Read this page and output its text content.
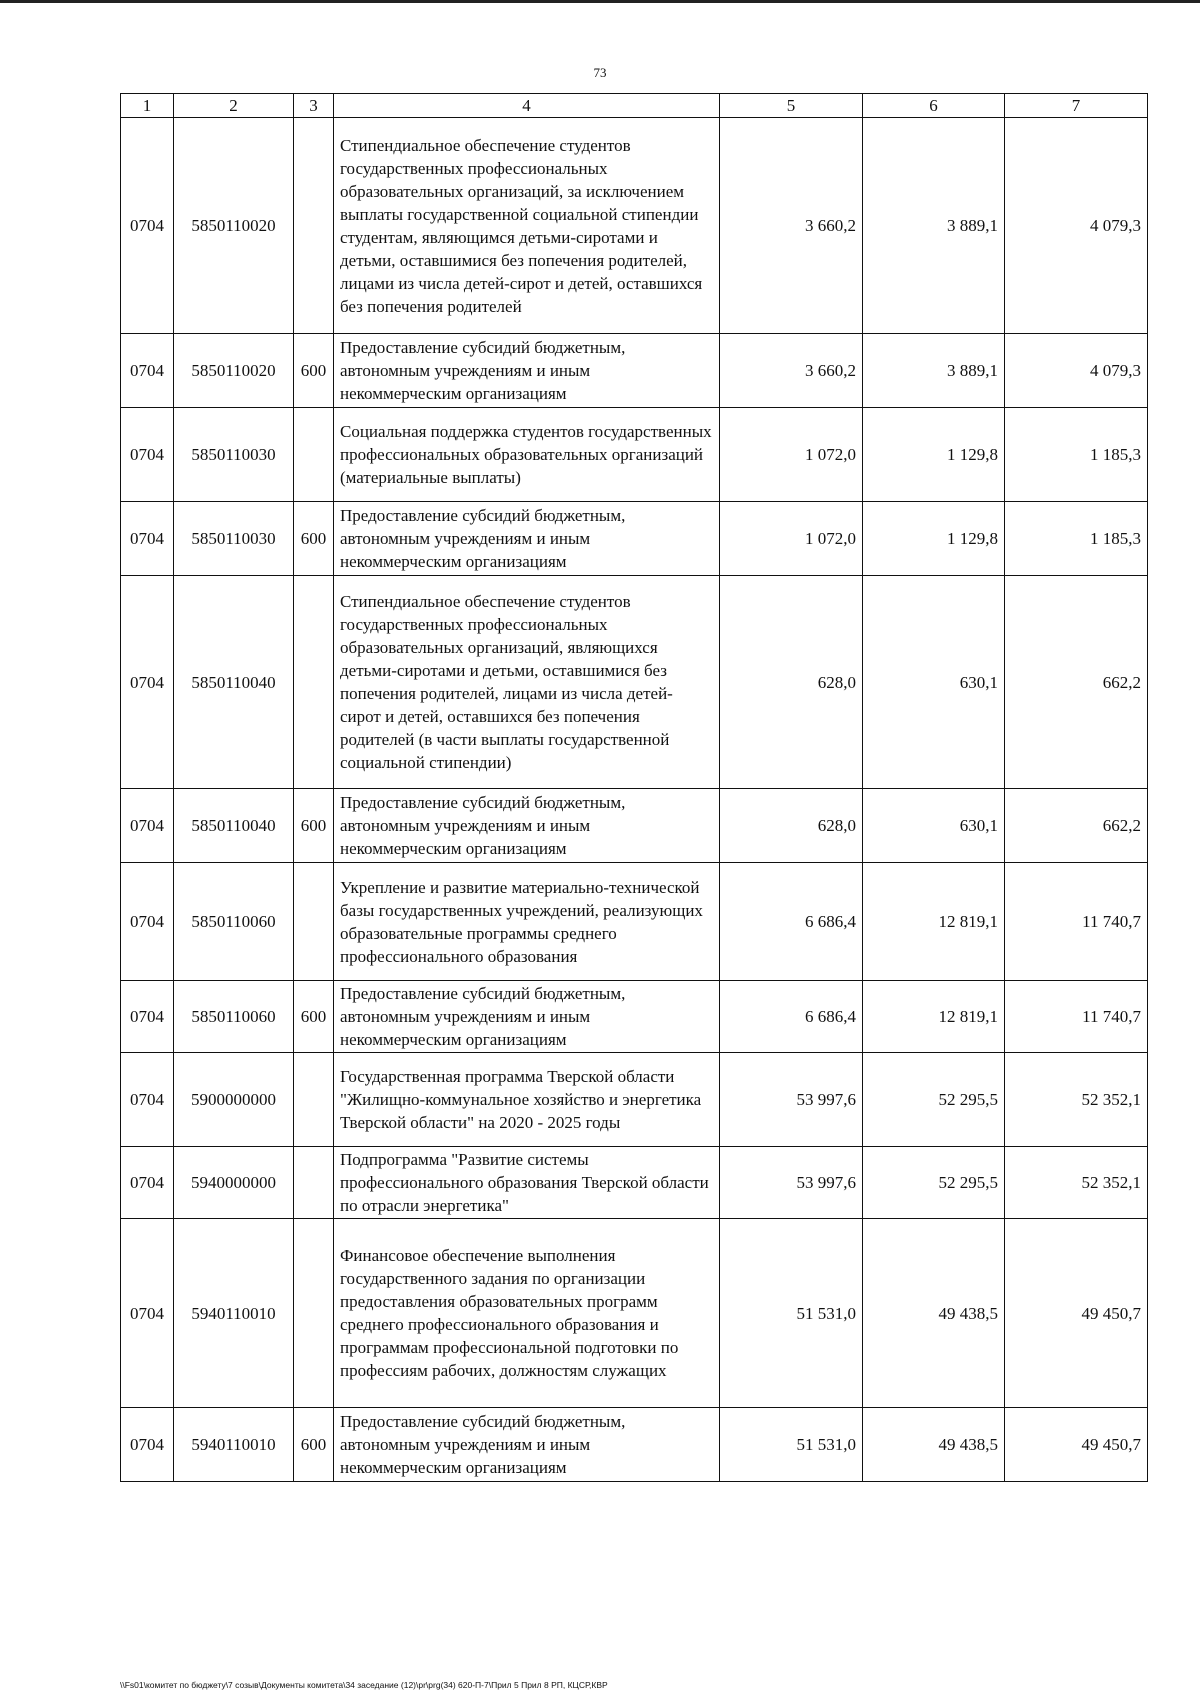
73
1	2	3	4	5	6	7
0704	5850110020		Стипендиальное обеспечение студентов государственных профессиональных образовательных организаций, за исключением выплаты государственной социальной стипендии студентам, являющимся детьми-сиротами и детьми, оставшимися без попечения родителей, лицами из числа детей-сирот и детей, оставшихся без попечения родителей	3 660,2	3 889,1	4 079,3
0704	5850110020	600	Предоставление субсидий бюджетным, автономным учреждениям и иным некоммерческим организациям	3 660,2	3 889,1	4 079,3
0704	5850110030		Социальная поддержка студентов государственных профессиональных образовательных организаций (материальные выплаты)	1 072,0	1 129,8	1 185,3
0704	5850110030	600	Предоставление субсидий бюджетным, автономным учреждениям и иным некоммерческим организациям	1 072,0	1 129,8	1 185,3
0704	5850110040		Стипендиальное обеспечение студентов государственных профессиональных образовательных организаций, являющихся детьми-сиротами и детьми, оставшимися без попечения родителей, лицами из числа детей-сирот и детей, оставшихся без попечения родителей (в части выплаты государственной социальной стипендии)	628,0	630,1	662,2
0704	5850110040	600	Предоставление субсидий бюджетным, автономным учреждениям и иным некоммерческим организациям	628,0	630,1	662,2
0704	5850110060		Укрепление и развитие материально-технической базы государственных учреждений, реализующих образовательные программы среднего профессионального образования	6 686,4	12 819,1	11 740,7
0704	5850110060	600	Предоставление субсидий бюджетным, автономным учреждениям и иным некоммерческим организациям	6 686,4	12 819,1	11 740,7
0704	5900000000		Государственная программа Тверской области "Жилищно-коммунальное хозяйство и энергетика Тверской области" на 2020 - 2025 годы	53 997,6	52 295,5	52 352,1
0704	5940000000		Подпрограмма "Развитие системы профессионального образования Тверской области по отрасли энергетика"	53 997,6	52 295,5	52 352,1
0704	5940110010		Финансовое обеспечение выполнения государственного задания по организации предоставления образовательных программ среднего профессионального образования и программам профессиональной подготовки по профессиям рабочих, должностям служащих	51 531,0	49 438,5	49 450,7
0704	5940110010	600	Предоставление субсидий бюджетным, автономным учреждениям и иным некоммерческим организациям	51 531,0	49 438,5	49 450,7
\\Fs01\комитет по бюджету\7 созыв\Документы комитета\34 заседание (12)\pr\prg(34) 620-П-7\Прил 5 Прил 8 РП, КЦСР,КВР
